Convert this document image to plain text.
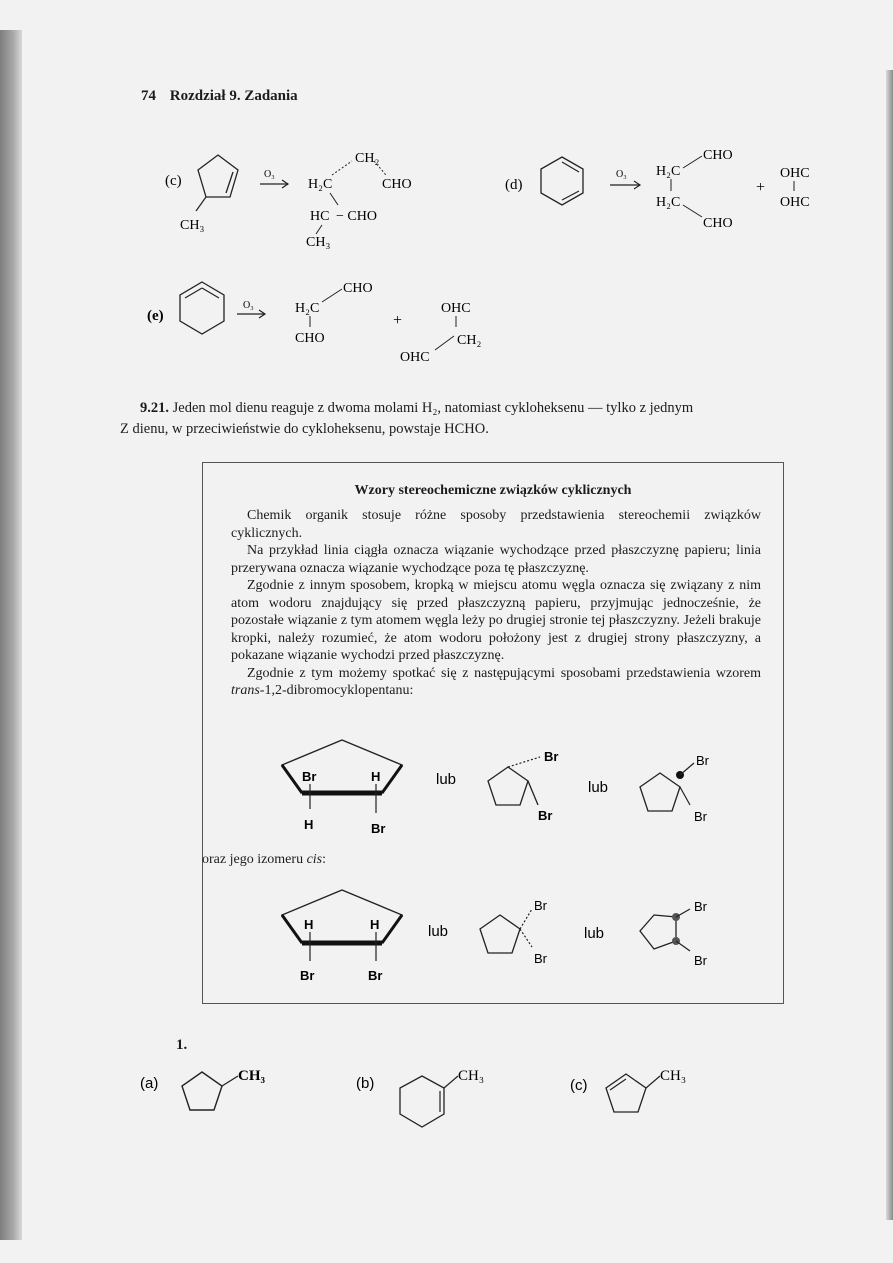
74 Rozdział 9. Zadania
(c)
CH₃
O₃
CH₂
H₂C	CHO
HC − CHO
CH₃
(d)
O₃
CHO
H₂C
H₂C
CHO
+
OHC
OHC
(e)
O₃
CHO
H₂C
CHO
+
OHC
CH₂
OHC
9.21. Jeden mol dienu reaguje z dwoma molami H₂, natomiast cykloheksenu — tylko z jednym
Z dienu, w przeciwieństwie do cykloheksenu, powstaje HCHO.
Wzory stereochemiczne związków cyklicznych

Chemik organik stosuje różne sposoby przedstawienia stereochemii związków cyklicznych.

Na przykład linia ciągła oznacza wiązanie wychodzące przed płaszczyznę papieru; linia przerywana oznacza wiązanie wychodzące poza tę płaszczyznę.

Zgodnie z innym sposobem, kropką w miejscu atomu węgla oznacza się związany z nim atom wodoru znajdujący się przed płaszczyzną papieru, przyjmując jednocześnie, że pozostałe wiązanie z tym atomem węgla leży po drugiej stronie tej płaszczyzny. Jeżeli brakuje kropki, należy rozumieć, że atom wodoru położony jest z drugiej strony płaszczyzny, a pokazane wiązanie wychodzi przed płaszczyznę.

Zgodnie z tym możemy spotkać się z następującymi sposobami przedstawienia wzorem trans-1,2-dibromocyklopentanu:

Br	H
H	Br
lub
Br
Br
lub
Br
Br
oraz jego izomeru cis:
H	H
Br	Br
lub
Br
Br
lub
Br
Br
1.
(a)	CH₃	(b)	CH₃
(c)
CH₃
